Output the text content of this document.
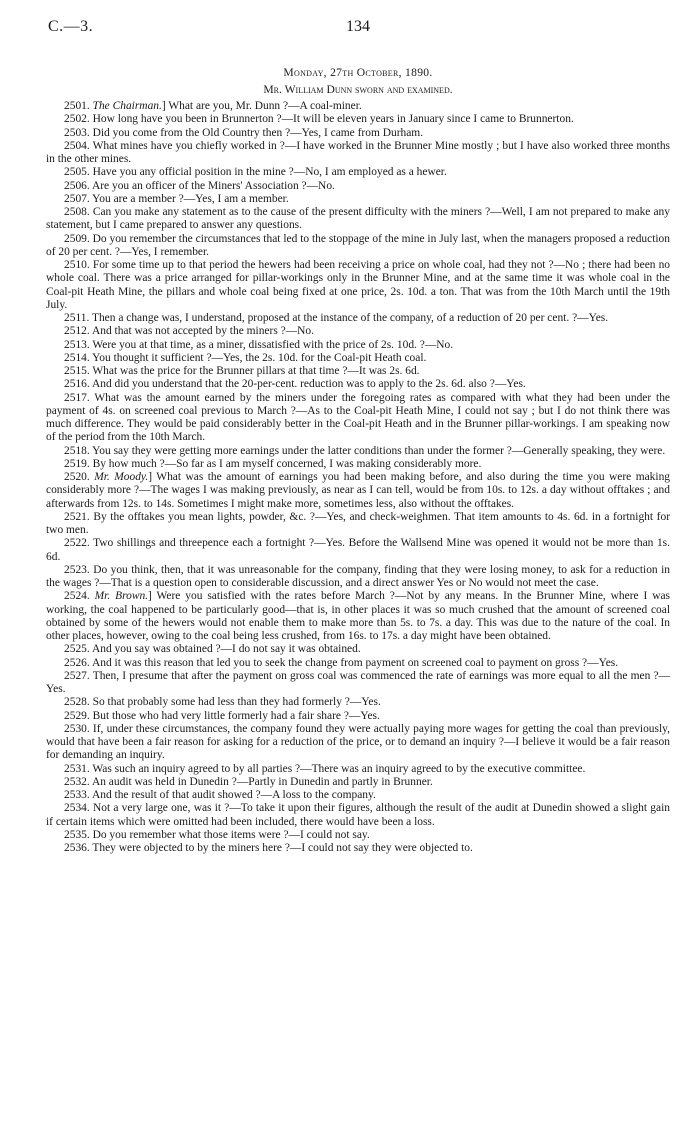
C.—3.	134
Monday, 27th October, 1890.
Mr. William Dunn sworn and examined.

2501. The Chairman.] What are you, Mr. Dunn ?—A coal-miner.

2502. How long have you been in Brunnerton ?—It will be eleven years in January since I came to Brunnerton.

2503. Did you come from the Old Country then ?—Yes, I came from Durham.

2504. What mines have you chiefly worked in ?—I have worked in the Brunner Mine mostly ; but I have also worked three months in the other mines.

2505. Have you any official position in the mine ?—No, I am employed as a hewer.

2506. Are you an officer of the Miners' Association ?—No.

2507. You are a member ?—Yes, I am a member.

2508. Can you make any statement as to the cause of the present difficulty with the miners ?—Well, I am not prepared to make any statement, but I came prepared to answer any questions.

2509. Do you remember the circumstances that led to the stoppage of the mine in July last, when the managers proposed a reduction of 20 per cent. ?—Yes, I remember.

2510. For some time up to that period the hewers had been receiving a price on whole coal, had they not ?—No ; there had been no whole coal. There was a price arranged for pillar-workings only in the Brunner Mine, and at the same time it was whole coal in the Coal-pit Heath Mine, the pillars and whole coal being fixed at one price, 2s. 10d. a ton. That was from the 10th March until the 19th July.

2511. Then a change was, I understand, proposed at the instance of the company, of a reduction of 20 per cent. ?—Yes.

2512. And that was not accepted by the miners ?—No.

2513. Were you at that time, as a miner, dissatisfied with the price of 2s. 10d. ?—No.

2514. You thought it sufficient ?—Yes, the 2s. 10d. for the Coal-pit Heath coal.

2515. What was the price for the Brunner pillars at that time ?—It was 2s. 6d.

2516. And did you understand that the 20-per-cent. reduction was to apply to the 2s. 6d. also ?—Yes.

2517. What was the amount earned by the miners under the foregoing rates as compared with what they had been under the payment of 4s. on screened coal previous to March ?—As to the Coal-pit Heath Mine, I could not say ; but I do not think there was much difference. They would be paid considerably better in the Coal-pit Heath and in the Brunner pillar-workings. I am speaking now of the period from the 10th March.

2518. You say they were getting more earnings under the latter conditions than under the former ?—Generally speaking, they were.

2519. By how much ?—So far as I am myself concerned, I was making considerably more.

2520. Mr. Moody.] What was the amount of earnings you had been making before, and also during the time you were making considerably more ?—The wages I was making previously, as near as I can tell, would be from 10s. to 12s. a day without offtakes ; and afterwards from 12s. to 14s. Sometimes I might make more, sometimes less, also without the offtakes.

2521. By the offtakes you mean lights, powder, &c. ?—Yes, and check-weighmen. That item amounts to 4s. 6d. in a fortnight for two men.

2522. Two shillings and threepence each a fortnight ?—Yes. Before the Wallsend Mine was opened it would not be more than 1s. 6d.

2523. Do you think, then, that it was unreasonable for the company, finding that they were losing money, to ask for a reduction in the wages ?—That is a question open to considerable discussion, and a direct answer Yes or No would not meet the case.

2524. Mr. Brown.] Were you satisfied with the rates before March ?—Not by any means. In the Brunner Mine, where I was working, the coal happened to be particularly good—that is, in other places it was so much crushed that the amount of screened coal obtained by some of the hewers would not enable them to make more than 5s. to 7s. a day. This was due to the nature of the coal. In other places, however, owing to the coal being less crushed, from 16s. to 17s. a day might have been obtained.

2525. And you say was obtained ?—I do not say it was obtained.

2526. And it was this reason that led you to seek the change from payment on screened coal to payment on gross ?—Yes.

2527. Then, I presume that after the payment on gross coal was commenced the rate of earnings was more equal to all the men ?—Yes.

2528. So that probably some had less than they had formerly ?—Yes.

2529. But those who had very little formerly had a fair share ?—Yes.

2530. If, under these circumstances, the company found they were actually paying more wages for getting the coal than previously, would that have been a fair reason for asking for a reduction of the price, or to demand an inquiry ?—I believe it would be a fair reason for demanding an inquiry.

2531. Was such an inquiry agreed to by all parties ?—There was an inquiry agreed to by the executive committee.

2532. An audit was held in Dunedin ?—Partly in Dunedin and partly in Brunner.

2533. And the result of that audit showed ?—A loss to the company.

2534. Not a very large one, was it ?—To take it upon their figures, although the result of the audit at Dunedin showed a slight gain if certain items which were omitted had been included, there would have been a loss.

2535. Do you remember what those items were ?—I could not say.

2536. They were objected to by the miners here ?—I could not say they were objected to.
